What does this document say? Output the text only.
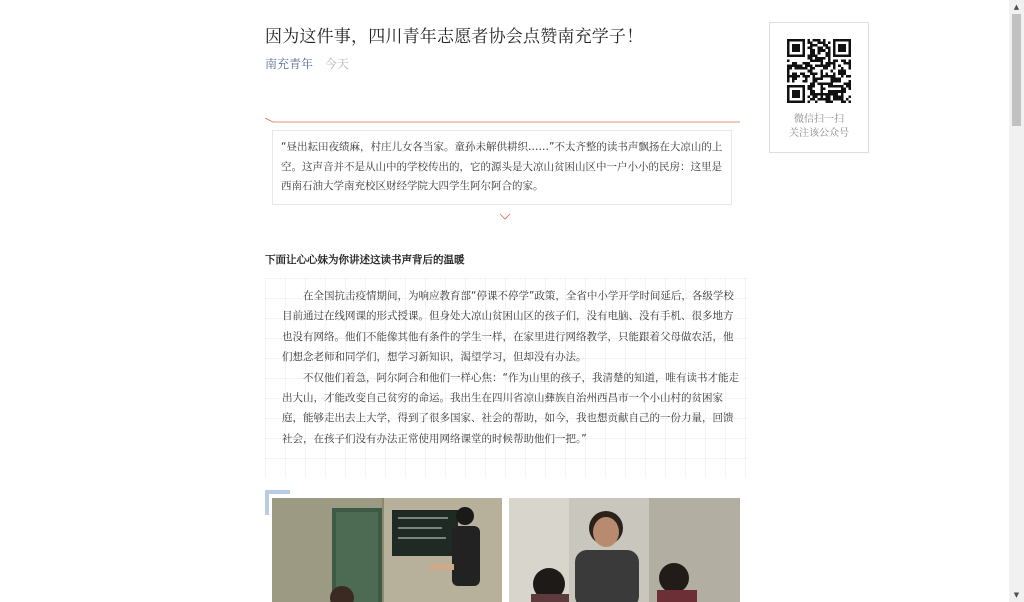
因为这件事，四川青年志愿者协会点赞南充学子！
南充青年 今天
“昼出耘田夜绩麻，村庄儿女各当家。童孙未解供耕织……”不太齐整的读书声飘扬在大凉山的上空。这声音并不是从山中的学校传出的，它的源头是大凉山贫困山区中一户小小的民房：这里是西南石油大学南充校区财经学院大四学生阿尔阿合的家。
下面让心心妹为你讲述这读书声背后的温暖

在全国抗击疫情期间，为响应教育部“停课不停学”政策，全省中小学开学时间延后，各级学校目前通过在线网课的形式授课。但身处大凉山贫困山区的孩子们，没有电脑、没有手机、很多地方也没有网络。他们不能像其他有条件的学生一样，在家里进行网络教学，只能跟着父母做农活，他们想念老师和同学们，想学习新知识，渴望学习，但却没有办法。

不仅他们着急，阿尔阿合和他们一样心焦：“作为山里的孩子，我清楚的知道，唯有读书才能走出大山，才能改变自己贫穷的命运。我出生在四川省凉山彝族自治州西昌市一个小山村的贫困家庭，能够走出去上大学，得到了很多国家、社会的帮助，如今，我也想贡献自己的一份力量，回馈社会，在孩子们没有办法正常使用网络课堂的时候帮助他们一把。”

微信扫一扫
关注该公众号
▲
▼
